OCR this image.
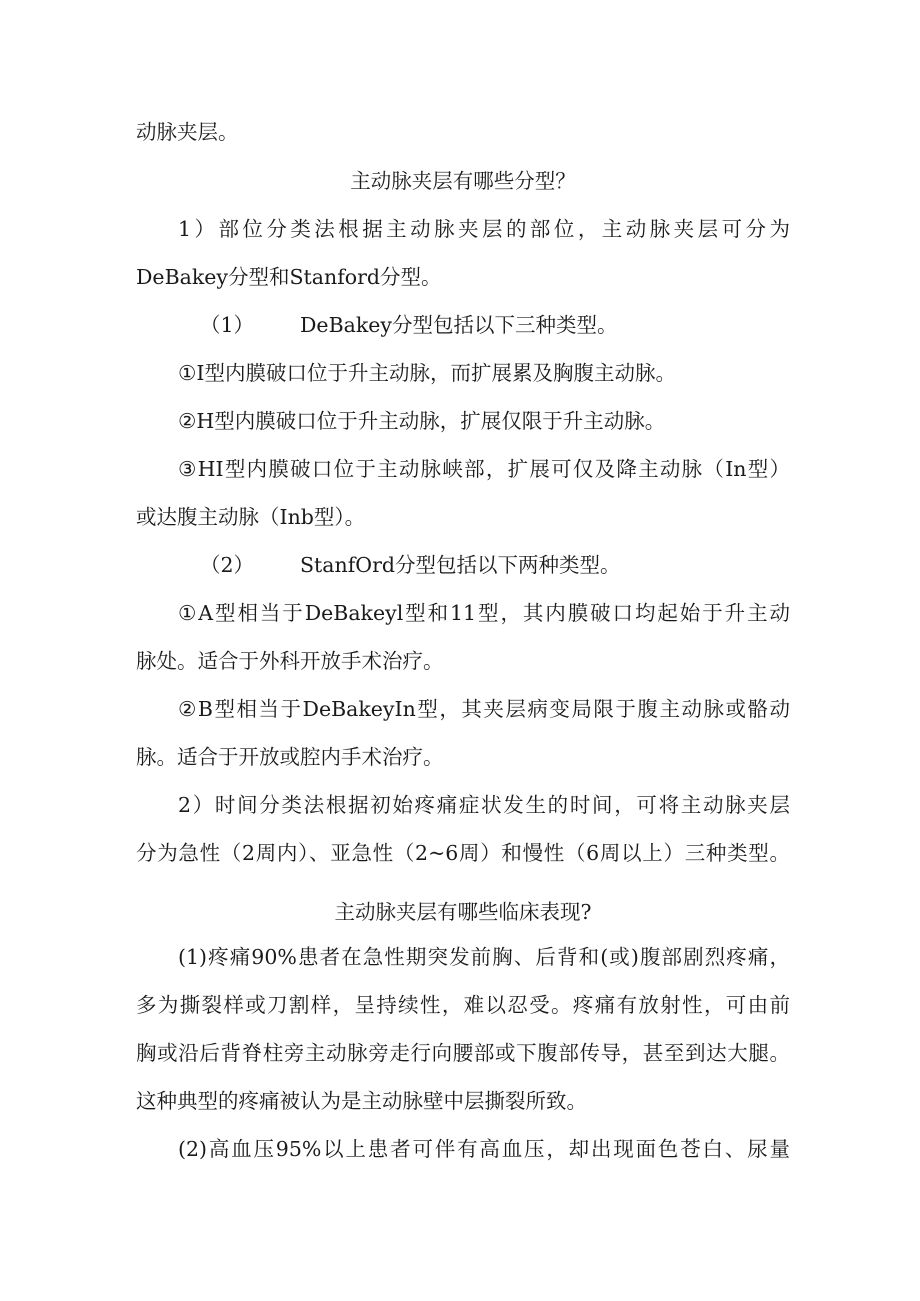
动脉夹层。
主动脉夹层有哪些分型？
1）部位分类法根据主动脉夹层的部位，主动脉夹层可分为
DeBakey分型和Stanford分型。
（1） DeBakey分型包括以下三种类型。
①I型内膜破口位于升主动脉，而扩展累及胸腹主动脉。
②H型内膜破口位于升主动脉，扩展仅限于升主动脉。
③HI型内膜破口位于主动脉峡部，扩展可仅及降主动脉（In型）
或达腹主动脉（Inb型）。
（2） StanfOrd分型包括以下两种类型。
①A型相当于DeBakeyl型和11型，其内膜破口均起始于升主动
脉处。适合于外科开放手术治疗。
②B型相当于DeBakeyIn型，其夹层病变局限于腹主动脉或骼动
脉。适合于开放或腔内手术治疗。
2）时间分类法根据初始疼痛症状发生的时间，可将主动脉夹层
分为急性（2周内）、亚急性（2~6周）和慢性（6周以上）三种类型。
主动脉夹层有哪些临床表现?
(1)疼痛90%患者在急性期突发前胸、后背和(或)腹部剧烈疼痛，
多为撕裂样或刀割样，呈持续性，难以忍受。疼痛有放射性，可由前
胸或沿后背脊柱旁主动脉旁走行向腰部或下腹部传导，甚至到达大腿。
这种典型的疼痛被认为是主动脉壁中层撕裂所致。
(2)高血压95%以上患者可伴有高血压，却出现面色苍白、尿量
